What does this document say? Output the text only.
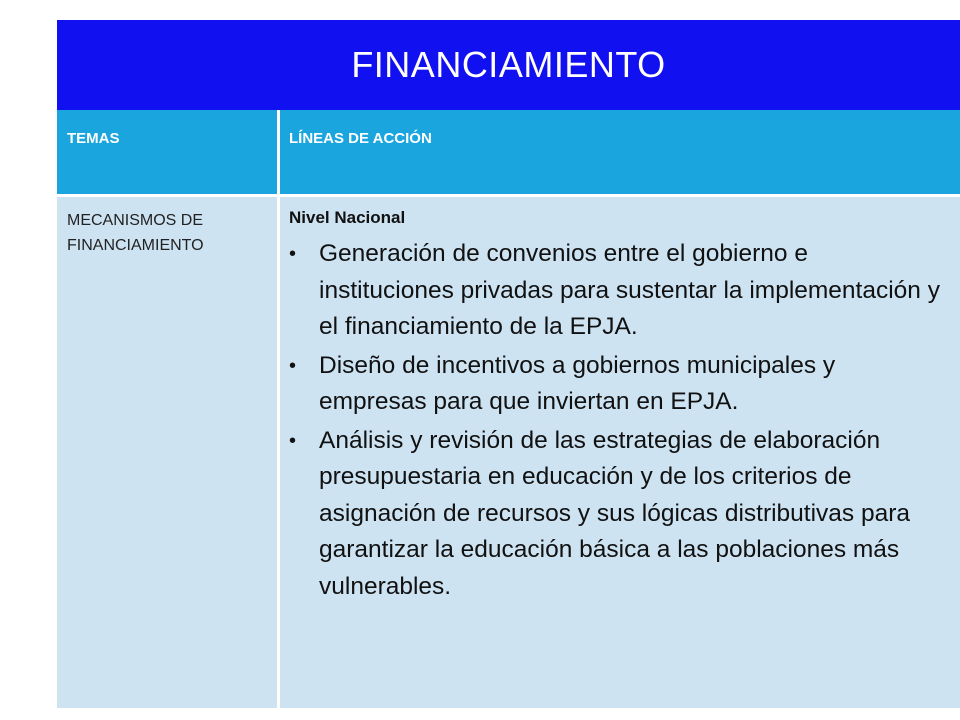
FINANCIAMIENTO
TEMAS	LÍNEAS DE ACCIÓN
MECANISMOS DE FINANCIAMIENTO
Nivel Nacional
• Generación de convenios entre el gobierno e instituciones privadas para sustentar la implementación y el financiamiento de la EPJA.
• Diseño de incentivos a gobiernos municipales y empresas para que inviertan en EPJA.
• Análisis y revisión de las estrategias de elaboración presupuestaria en educación y de los criterios de asignación de recursos y sus lógicas distributivas para garantizar la educación básica a las poblaciones más vulnerables.
